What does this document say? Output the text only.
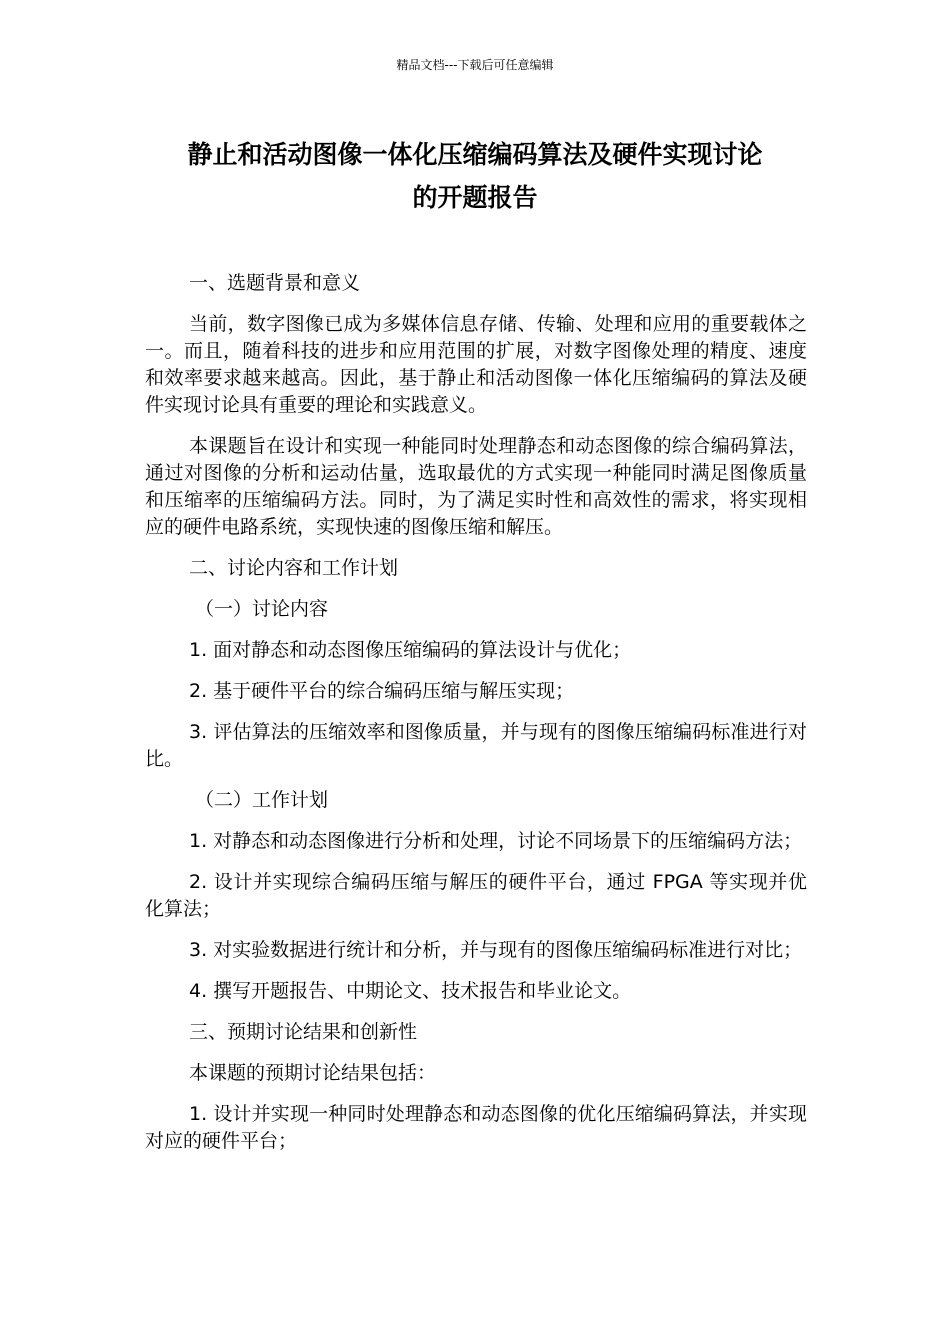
精品文档---下载后可任意编辑
静止和活动图像一体化压缩编码算法及硬件实现讨论
的开题报告

一、选题背景和意义

当前，数字图像已成为多媒体信息存储、传输、处理和应用的重要载体之一。而且，随着科技的进步和应用范围的扩展，对数字图像处理的精度、速度和效率要求越来越高。因此，基于静止和活动图像一体化压缩编码的算法及硬件实现讨论具有重要的理论和实践意义。

本课题旨在设计和实现一种能同时处理静态和动态图像的综合编码算法，通过对图像的分析和运动估量，选取最优的方式实现一种能同时满足图像质量和压缩率的压缩编码方法。同时，为了满足实时性和高效性的需求，将实现相应的硬件电路系统，实现快速的图像压缩和解压。

二、讨论内容和工作计划

（一）讨论内容

1. 面对静态和动态图像压缩编码的算法设计与优化；

2. 基于硬件平台的综合编码压缩与解压实现；

3. 评估算法的压缩效率和图像质量，并与现有的图像压缩编码标准进行对比。

（二）工作计划

1. 对静态和动态图像进行分析和处理，讨论不同场景下的压缩编码方法；

2. 设计并实现综合编码压缩与解压的硬件平台，通过 FPGA 等实现并优化算法；

3. 对实验数据进行统计和分析，并与现有的图像压缩编码标准进行对比；

4. 撰写开题报告、中期论文、技术报告和毕业论文。

三、预期讨论结果和创新性

本课题的预期讨论结果包括：

1. 设计并实现一种同时处理静态和动态图像的优化压缩编码算法，并实现对应的硬件平台；
